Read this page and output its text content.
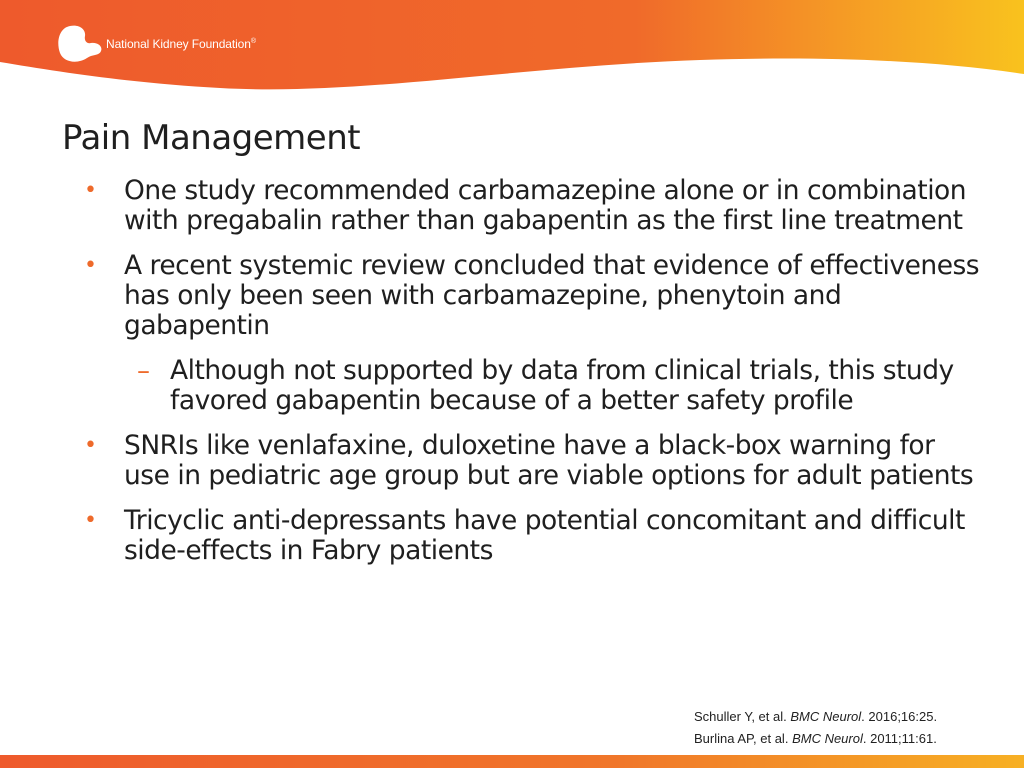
National Kidney Foundation®
Pain Management
• One study recommended carbamazepine alone or in combination with pregabalin rather than gabapentin as the first line treatment
• A recent systemic review concluded that evidence of effectiveness has only been seen with carbamazepine, phenytoin and gabapentin
– Although not supported by data from clinical trials, this study favored gabapentin because of a better safety profile
• SNRIs like venlafaxine, duloxetine have a black-box warning for use in pediatric age group but are viable options for adult patients
• Tricyclic anti-depressants have potential concomitant and difficult side-effects in Fabry patients
Schuller Y, et al. BMC Neurol. 2016;16:25.
Burlina AP, et al. BMC Neurol. 2011;11:61.
